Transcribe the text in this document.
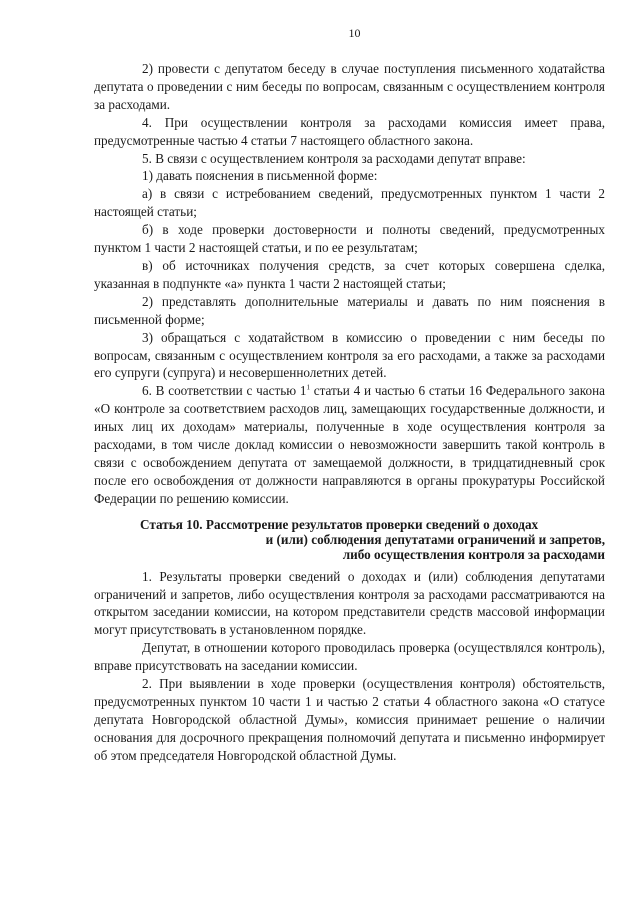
10

2) провести с депутатом беседу в случае поступления письменного ходатайства депутата о проведении с ним беседы по вопросам, связанным с осуществлением контроля за расходами.

4. При осуществлении контроля за расходами комиссия имеет права, предусмотренные частью 4 статьи 7 настоящего областного закона.

5. В связи с осуществлением контроля за расходами депутат вправе:

1) давать пояснения в письменной форме:

а) в связи с истребованием сведений, предусмотренных пунктом 1 части 2 настоящей статьи;

б) в ходе проверки достоверности и полноты сведений, предусмотренных пунктом 1 части 2 настоящей статьи, и по ее результатам;

в) об источниках получения средств, за счет которых совершена сделка, указанная в подпункте «а» пункта 1 части 2 настоящей статьи;

2) представлять дополнительные материалы и давать по ним пояснения в письменной форме;

3) обращаться с ходатайством в комиссию о проведении с ним беседы по вопросам, связанным с осуществлением контроля за его расходами, а также за расходами его супруги (супруга) и несовершеннолетних детей.

6. В соответствии с частью $1^1$ статьи 4 и частью 6 статьи 16 Федерального закона «О контроле за соответствием расходов лиц, замещающих государственные должности, и иных лиц их доходам» материалы, полученные в ходе осуществления контроля за расходами, в том числе доклад комиссии о невозможности завершить такой контроль в связи с освобождением депутата от замещаемой должности, в тридцатидневный срок после его освобождения от должности направляются в органы прокуратуры Российской Федерации по решению комиссии.

Статья 10. Рассмотрение результатов проверки сведений о доходах
и (или) соблюдения депутатами ограничений и запретов,
либо осуществления контроля за расходами

1. Результаты проверки сведений о доходах и (или) соблюдения депутатами ограничений и запретов, либо осуществления контроля за расходами рассматриваются на открытом заседании комиссии, на котором представители средств массовой информации могут присутствовать в установленном порядке.

Депутат, в отношении которого проводилась проверка (осуществлялся контроль), вправе присутствовать на заседании комиссии.

2. При выявлении в ходе проверки (осуществления контроля) обстоятельств, предусмотренных пунктом 10 части 1 и частью 2 статьи 4 областного закона «О статусе депутата Новгородской областной Думы», комиссия принимает решение о наличии основания для досрочного прекращения полномочий депутата и письменно информирует об этом председателя Новгородской областной Думы.
